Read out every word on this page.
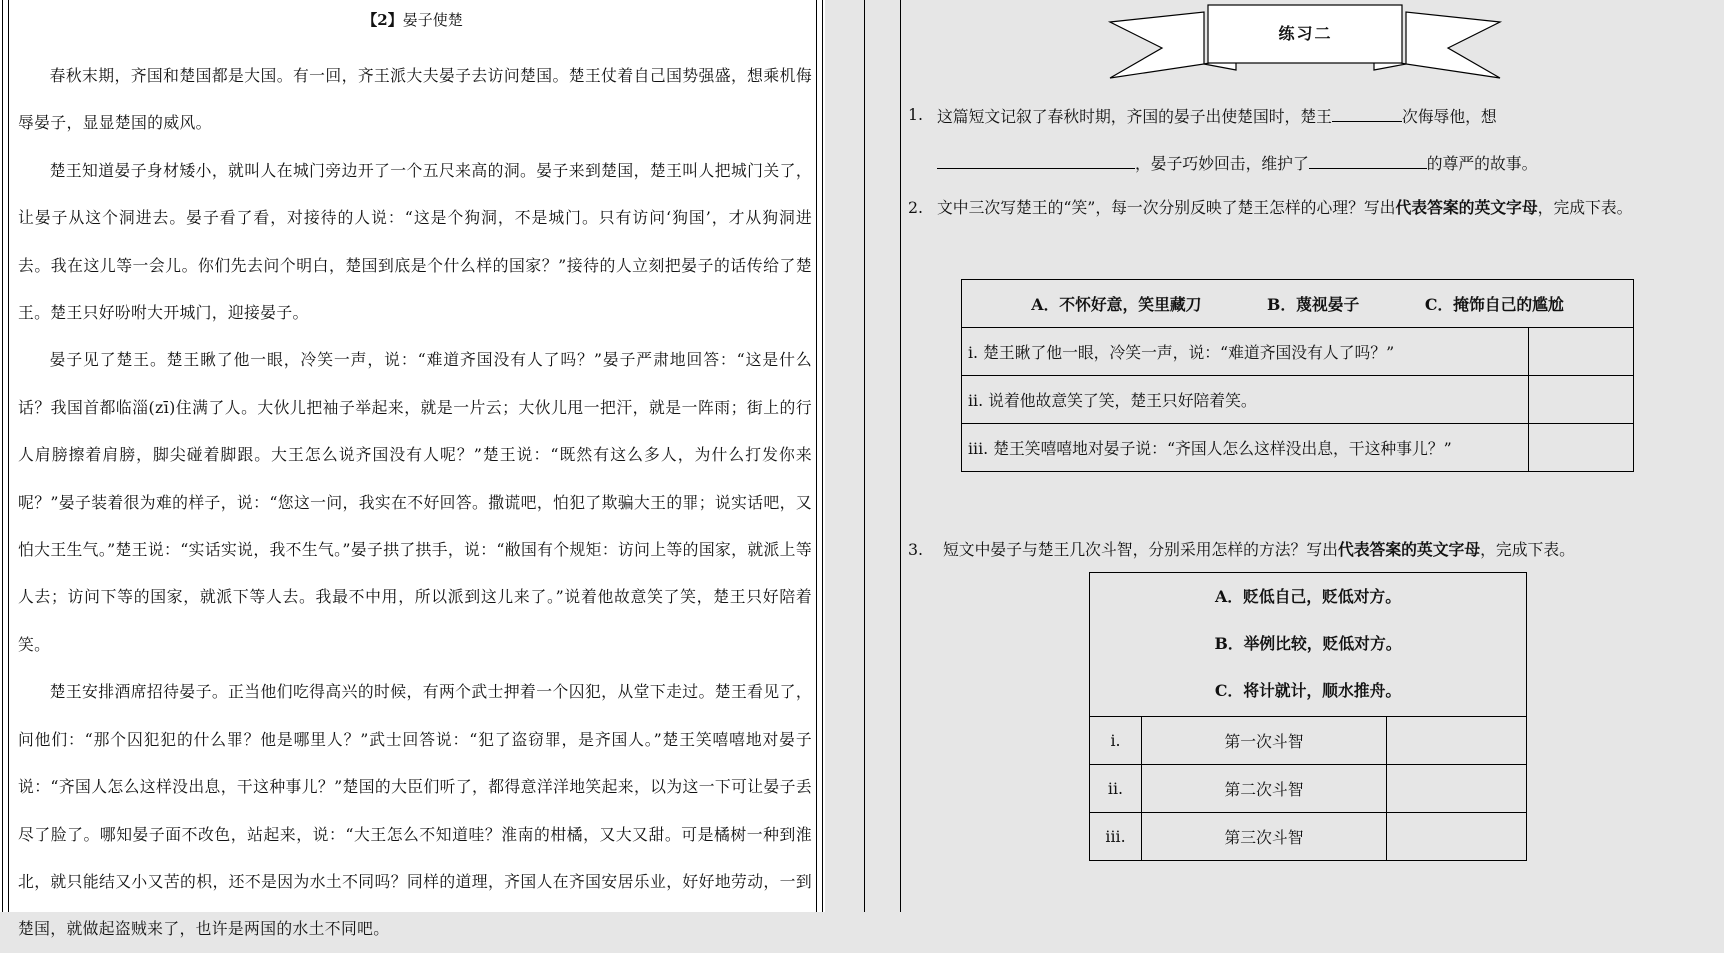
【2】晏子使楚

春秋末期，齐国和楚国都是大国。有一回，齐王派大夫晏子去访问楚国。楚王仗着自己国势强盛，想乘机侮辱晏子，显显楚国的威风。

楚王知道晏子身材矮小，就叫人在城门旁边开了一个五尺来高的洞。晏子来到楚国，楚王叫人把城门关了，让晏子从这个洞进去。晏子看了看，对接待的人说：“这是个狗洞，不是城门。只有访问‘狗国’，才从狗洞进去。我在这儿等一会儿。你们先去问个明白，楚国到底是个什么样的国家？”接待的人立刻把晏子的话传给了楚王。楚王只好吩咐大开城门，迎接晏子。

晏子见了楚王。楚王瞅了他一眼，冷笑一声，说：“难道齐国没有人了吗？”晏子严肃地回答：“这是什么话？我国首都临淄(zī)住满了人。大伙儿把袖子举起来，就是一片云；大伙儿甩一把汗，就是一阵雨；街上的行人肩膀擦着肩膀，脚尖碰着脚跟。大王怎么说齐国没有人呢？”楚王说：“既然有这么多人，为什么打发你来呢？”晏子装着很为难的样子，说：“您这一问，我实在不好回答。撒谎吧，怕犯了欺骗大王的罪；说实话吧，又怕大王生气。”楚王说：“实话实说，我不生气。”晏子拱了拱手，说：“敝国有个规矩：访问上等的国家，就派上等人去；访问下等的国家，就派下等人去。我最不中用，所以派到这儿来了。”说着他故意笑了笑，楚王只好陪着笑。

楚王安排酒席招待晏子。正当他们吃得高兴的时候，有两个武士押着一个囚犯，从堂下走过。楚王看见了，问他们：“那个囚犯犯的什么罪？他是哪里人？”武士回答说：“犯了盗窃罪，是齐国人。”楚王笑嘻嘻地对晏子说：“齐国人怎么这样没出息，干这种事儿？”楚国的大臣们听了，都得意洋洋地笑起来，以为这一下可让晏子丢尽了脸了。哪知晏子面不改色，站起来，说：“大王怎么不知道哇？淮南的柑橘，又大又甜。可是橘树一种到淮北，就只能结又小又苦的枳，还不是因为水土不同吗？同样的道理，齐国人在齐国安居乐业，好好地劳动，一到楚国，就做起盗贼来了，也许是两国的水土不同吧。

练习二
1. 这篇短文记叙了春秋时期，齐国的晏子出使楚国时，楚王	次侮辱他，想
，晏子巧妙回击，维护了	的尊严的故事。
2. 文中三次写楚王的“笑”，每一次分别反映了楚王怎样的心理？写出代表答案的英文字母，完成下表。
A．不怀好意，笑里藏刀 B．蔑视晏子 C．掩饰自己的尴尬	
i. 楚王瞅了他一眼，冷笑一声，说：“难道齐国没有人了吗？”	
ii. 说着他故意笑了笑，楚王只好陪着笑。	
iii. 楚王笑嘻嘻地对晏子说：“齐国人怎么这样没出息，干这种事儿？”	
3. 短文中晏子与楚王几次斗智，分别采用怎样的方法？写出代表答案的英文字母，完成下表。
A．贬低自己，贬低对方。
B．举例比较，贬低对方。
C．将计就计，顺水推舟。		

i.	第一次斗智	
ii.	第二次斗智	
iii.	第三次斗智	
